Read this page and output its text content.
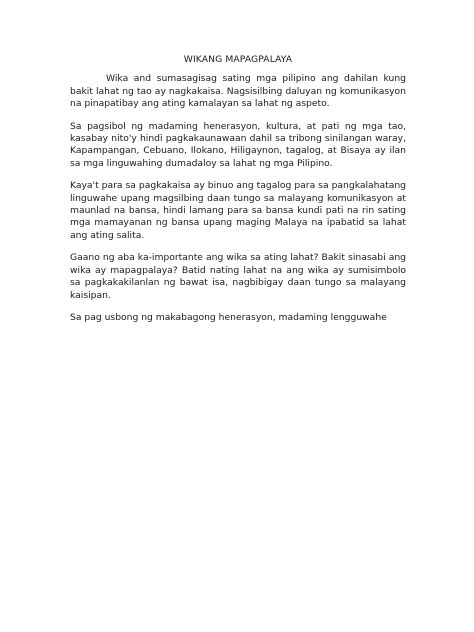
WIKANG MAPAGPALAYA

Wika and sumasagisag sating mga pilipino ang dahilan kung bakit lahat ng tao ay nagkakaisa. Nagsisilbing daluyan ng komunikasyon na pinapatibay ang ating kamalayan sa lahat ng aspeto.

Sa pagsibol ng madaming henerasyon, kultura, at pati ng mga tao, kasabay nito'y hindi pagkakaunawaan dahil sa tribong sinilangan waray, Kapampangan, Cebuano, Ilokano, Hiligaynon, tagalog, at Bisaya ay ilan sa mga linguwahing dumadaloy sa lahat ng mga Pilipino.

Kaya't para sa pagkakaisa ay binuo ang tagalog para sa pangkalahatang linguwahe upang magsilbing daan tungo sa malayang komunikasyon at maunlad na bansa, hindi lamang para sa bansa kundi pati na rin sating mga mamayanan ng bansa upang maging Malaya na ipabatid sa lahat ang ating salita.

Gaano ng aba ka-importante ang wika sa ating lahat? Bakit sinasabi ang wika ay mapagpalaya? Batid nating lahat na ang wika ay sumisimbolo sa pagkakakilanlan ng bawat isa, nagbibigay daan tungo sa malayang kaisipan.

Sa pag usbong ng makabagong henerasyon, madaming lengguwahe
